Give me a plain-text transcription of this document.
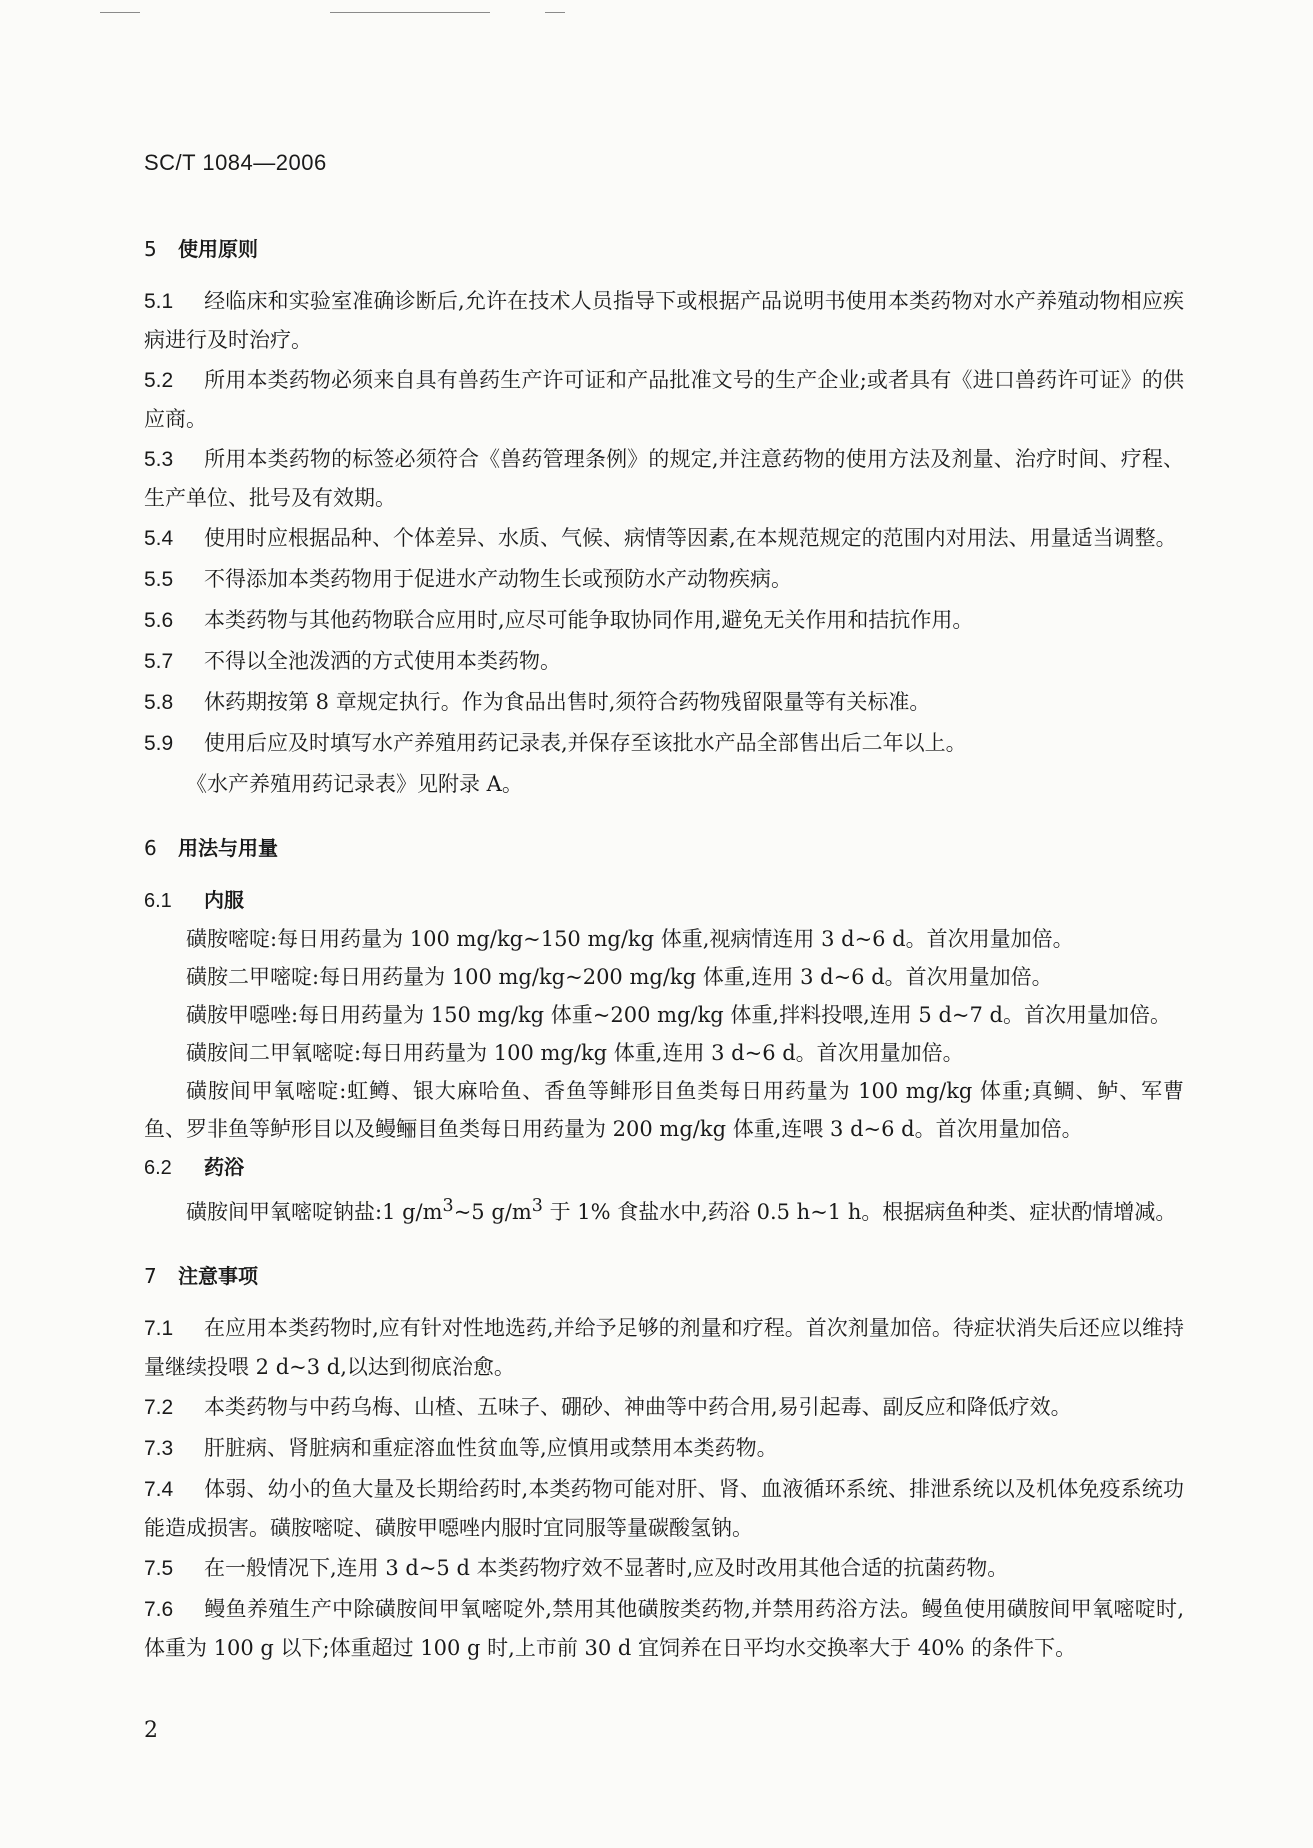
SC/T 1084—2006
5 使用原则
5.1 经临床和实验室准确诊断后,允许在技术人员指导下或根据产品说明书使用本类药物对水产养殖动物相应疾病进行及时治疗。
5.2 所用本类药物必须来自具有兽药生产许可证和产品批准文号的生产企业;或者具有《进口兽药许可证》的供应商。
5.3 所用本类药物的标签必须符合《兽药管理条例》的规定,并注意药物的使用方法及剂量、治疗时间、疗程、生产单位、批号及有效期。
5.4 使用时应根据品种、个体差异、水质、气候、病情等因素,在本规范规定的范围内对用法、用量适当调整。
5.5 不得添加本类药物用于促进水产动物生长或预防水产动物疾病。
5.6 本类药物与其他药物联合应用时,应尽可能争取协同作用,避免无关作用和拮抗作用。
5.7 不得以全池泼洒的方式使用本类药物。
5.8 休药期按第 8 章规定执行。作为食品出售时,须符合药物残留限量等有关标准。
5.9 使用后应及时填写水产养殖用药记录表,并保存至该批水产品全部售出后二年以上。

《水产养殖用药记录表》见附录 A。

6 用法与用量
6.1 内服

磺胺嘧啶:每日用药量为 100 mg/kg~150 mg/kg 体重,视病情连用 3 d~6 d。首次用量加倍。

磺胺二甲嘧啶:每日用药量为 100 mg/kg~200 mg/kg 体重,连用 3 d~6 d。首次用量加倍。

磺胺甲噁唑:每日用药量为 150 mg/kg 体重~200 mg/kg 体重,拌料投喂,连用 5 d~7 d。首次用量加倍。

磺胺间二甲氧嘧啶:每日用药量为 100 mg/kg 体重,连用 3 d~6 d。首次用量加倍。

磺胺间甲氧嘧啶:虹鳟、银大麻哈鱼、香鱼等鲱形目鱼类每日用药量为 100 mg/kg 体重;真鲷、鲈、军曹鱼、罗非鱼等鲈形目以及鳗鲡目鱼类每日用药量为 200 mg/kg 体重,连喂 3 d~6 d。首次用量加倍。

6.2 药浴

磺胺间甲氧嘧啶钠盐:1 $g/m^3\sim 5$ $g/m^3$ 于 1% 食盐水中,药浴 0.5 h~1 h。根据病鱼种类、症状酌情增减。

7 注意事项
7.1 在应用本类药物时,应有针对性地选药,并给予足够的剂量和疗程。首次剂量加倍。待症状消失后还应以维持量继续投喂 2 d~3 d,以达到彻底治愈。
7.2 本类药物与中药乌梅、山楂、五味子、硼砂、神曲等中药合用,易引起毒、副反应和降低疗效。
7.3 肝脏病、肾脏病和重症溶血性贫血等,应慎用或禁用本类药物。
7.4 体弱、幼小的鱼大量及长期给药时,本类药物可能对肝、肾、血液循环系统、排泄系统以及机体免疫系统功能造成损害。磺胺嘧啶、磺胺甲噁唑内服时宜同服等量碳酸氢钠。
7.5 在一般情况下,连用 3 d~5 d 本类药物疗效不显著时,应及时改用其他合适的抗菌药物。
7.6 鳗鱼养殖生产中除磺胺间甲氧嘧啶外,禁用其他磺胺类药物,并禁用药浴方法。鳗鱼使用磺胺间甲氧嘧啶时,体重为 100 g 以下;体重超过 100 g 时,上市前 30 d 宜饲养在日平均水交换率大于 40% 的条件下。
2
